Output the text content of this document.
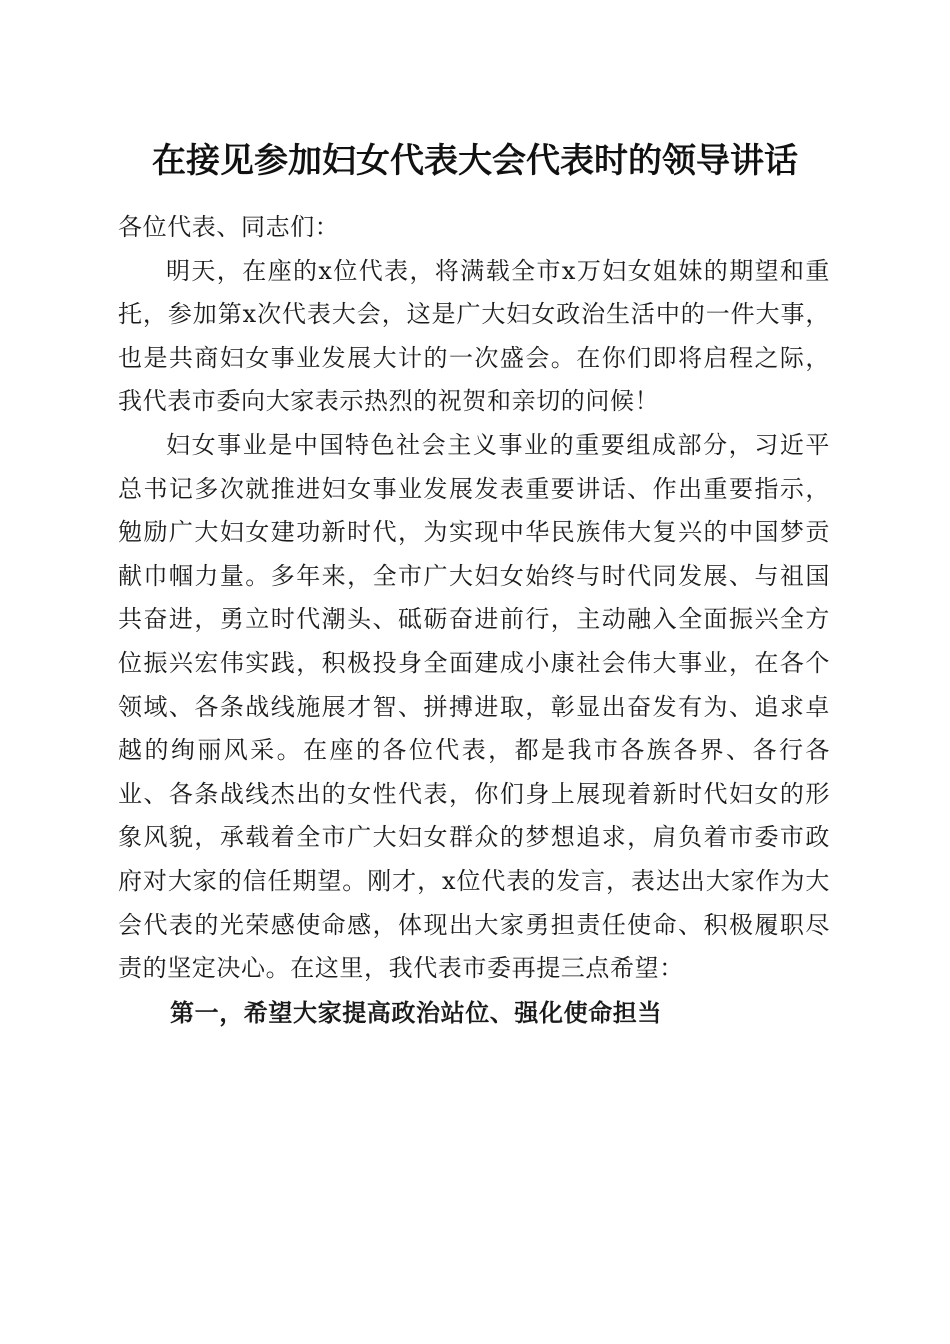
在接见参加妇女代表大会代表时的领导讲话

各位代表、同志们：

明天，在座的x位代表，将满载全市x万妇女姐妹的期望和重托，参加第x次代表大会，这是广大妇女政治生活中的一件大事，也是共商妇女事业发展大计的一次盛会。在你们即将启程之际，我代表市委向大家表示热烈的祝贺和亲切的问候！

妇女事业是中国特色社会主义事业的重要组成部分，习近平总书记多次就推进妇女事业发展发表重要讲话、作出重要指示，勉励广大妇女建功新时代，为实现中华民族伟大复兴的中国梦贡献巾帼力量。多年来，全市广大妇女始终与时代同发展、与祖国共奋进，勇立时代潮头、砥砺奋进前行，主动融入全面振兴全方位振兴宏伟实践，积极投身全面建成小康社会伟大事业，在各个领域、各条战线施展才智、拼搏进取，彰显出奋发有为、追求卓越的绚丽风采。在座的各位代表，都是我市各族各界、各行各业、各条战线杰出的女性代表，你们身上展现着新时代妇女的形象风貌，承载着全市广大妇女群众的梦想追求，肩负着市委市政府对大家的信任期望。刚才，x位代表的发言，表达出大家作为大会代表的光荣感使命感，体现出大家勇担责任使命、积极履职尽责的坚定决心。在这里，我代表市委再提三点希望：

第一，希望大家提高政治站位、强化使命担当
